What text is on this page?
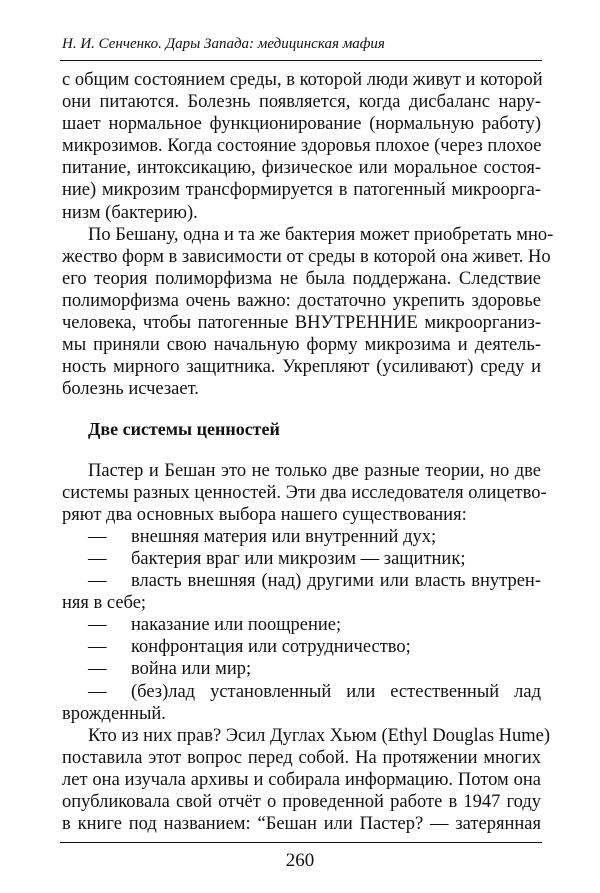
Н. И. Сенченко. Дары Запада: медицинская мафия
с общим состоянием среды, в которой люди живут и которой
они питаются. Болезнь появляется, когда дисбаланс нару-
шает нормальное функционирование (нормальную работу)
микрозимов. Когда состояние здоровья плохое (через плохое
питание, интоксикацию, физическое или моральное состоя-
ние) микрозим трансформируется в патогенный микроорга-
низм (бактерию).
По Бешану, одна и та же бактерия может приобретать мно-
жество форм в зависимости от среды в которой она живет. Но
его теория полиморфизма не была поддержана. Следствие
полиморфизма очень важно: достаточно укрепить здоровье
человека, чтобы патогенные ВНУТРЕННИЕ микроорганиз-
мы приняли свою начальную форму микрозима и деятель-
ность мирного защитника. Укрепляют (усиливают) среду и
болезнь исчезает.
Две системы ценностей
Пастер и Бешан это не только две разные теории, но две
системы разных ценностей. Эти два исследователя олицетво-
ряют два основных выбора нашего существования:
— внешняя материя или внутренний дух;
— бактерия враг или микрозим — защитник;
— власть внешняя (над) другими или власть внутрен-
няя в себе;
— наказание или поощрение;
— конфронтация или сотрудничество;
— война или мир;
— (без)лад установленный или естественный лад
врожденный.
Кто из них прав? Эсил Дуглах Хьюм (Ethyl Douglas Hume)
поставила этот вопрос перед собой. На протяжении многих
лет она изучала архивы и собирала информацию. Потом она
опубликовала свой отчёт о проведенной работе в 1947 году
в книге под названием: “Бешан или Пастер? — затерянная
260
